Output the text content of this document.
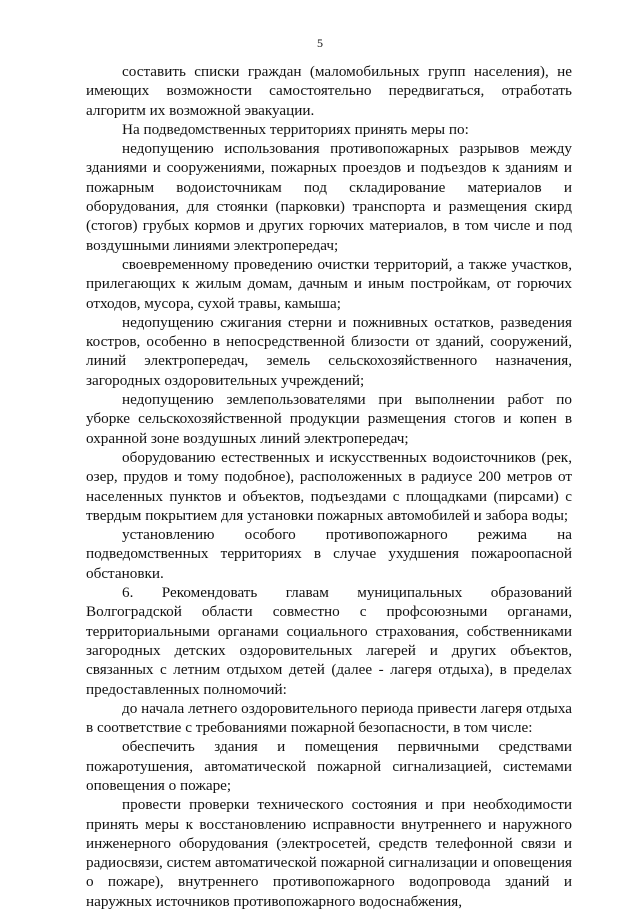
5

составить списки граждан (маломобильных групп населения), не имеющих возможности самостоятельно передвигаться, отработать алгоритм их возможной эвакуации.

На подведомственных территориях принять меры по:

недопущению использования противопожарных разрывов между зданиями и сооружениями, пожарных проездов и подъездов к зданиям и пожарным водоисточникам под складирование материалов и оборудования, для стоянки (парковки) транспорта и размещения скирд (стогов) грубых кормов и других горючих материалов, в том числе и под воздушными линиями электропередач;

своевременному проведению очистки территорий, а также участков, прилегающих к жилым домам, дачным и иным постройкам, от горючих отходов, мусора, сухой травы, камыша;

недопущению сжигания стерни и пожнивных остатков, разведения костров, особенно в непосредственной близости от зданий, сооружений, линий электропередач, земель сельскохозяйственного назначения, загородных оздоровительных учреждений;

недопущению землепользователями при выполнении работ по уборке сельскохозяйственной продукции размещения стогов и копен в охранной зоне воздушных линий электропередач;

оборудованию естественных и искусственных водоисточников (рек, озер, прудов и тому подобное), расположенных в радиусе 200 метров от населенных пунктов и объектов, подъездами с площадками (пирсами) с твердым покрытием для установки пожарных автомобилей и забора воды;

установлению особого противопожарного режима на подведомственных территориях в случае ухудшения пожароопасной обстановки.

6. Рекомендовать главам муниципальных образований Волгоградской области совместно с профсоюзными органами, территориальными органами социального страхования, собственниками загородных детских оздоровительных лагерей и других объектов, связанных с летним отдыхом детей (далее - лагеря отдыха), в пределах предоставленных полномочий:

до начала летнего оздоровительного периода привести лагеря отдыха в соответствие с требованиями пожарной безопасности, в том числе:

обеспечить здания и помещения первичными средствами пожаротушения, автоматической пожарной сигнализацией, системами оповещения о пожаре;

провести проверки технического состояния и при необходимости принять меры к восстановлению исправности внутреннего и наружного инженерного оборудования (электросетей, средств телефонной связи и радиосвязи, систем автоматической пожарной сигнализации и оповещения о пожаре), внутреннего противопожарного водопровода зданий и наружных источников противопожарного водоснабжения,
